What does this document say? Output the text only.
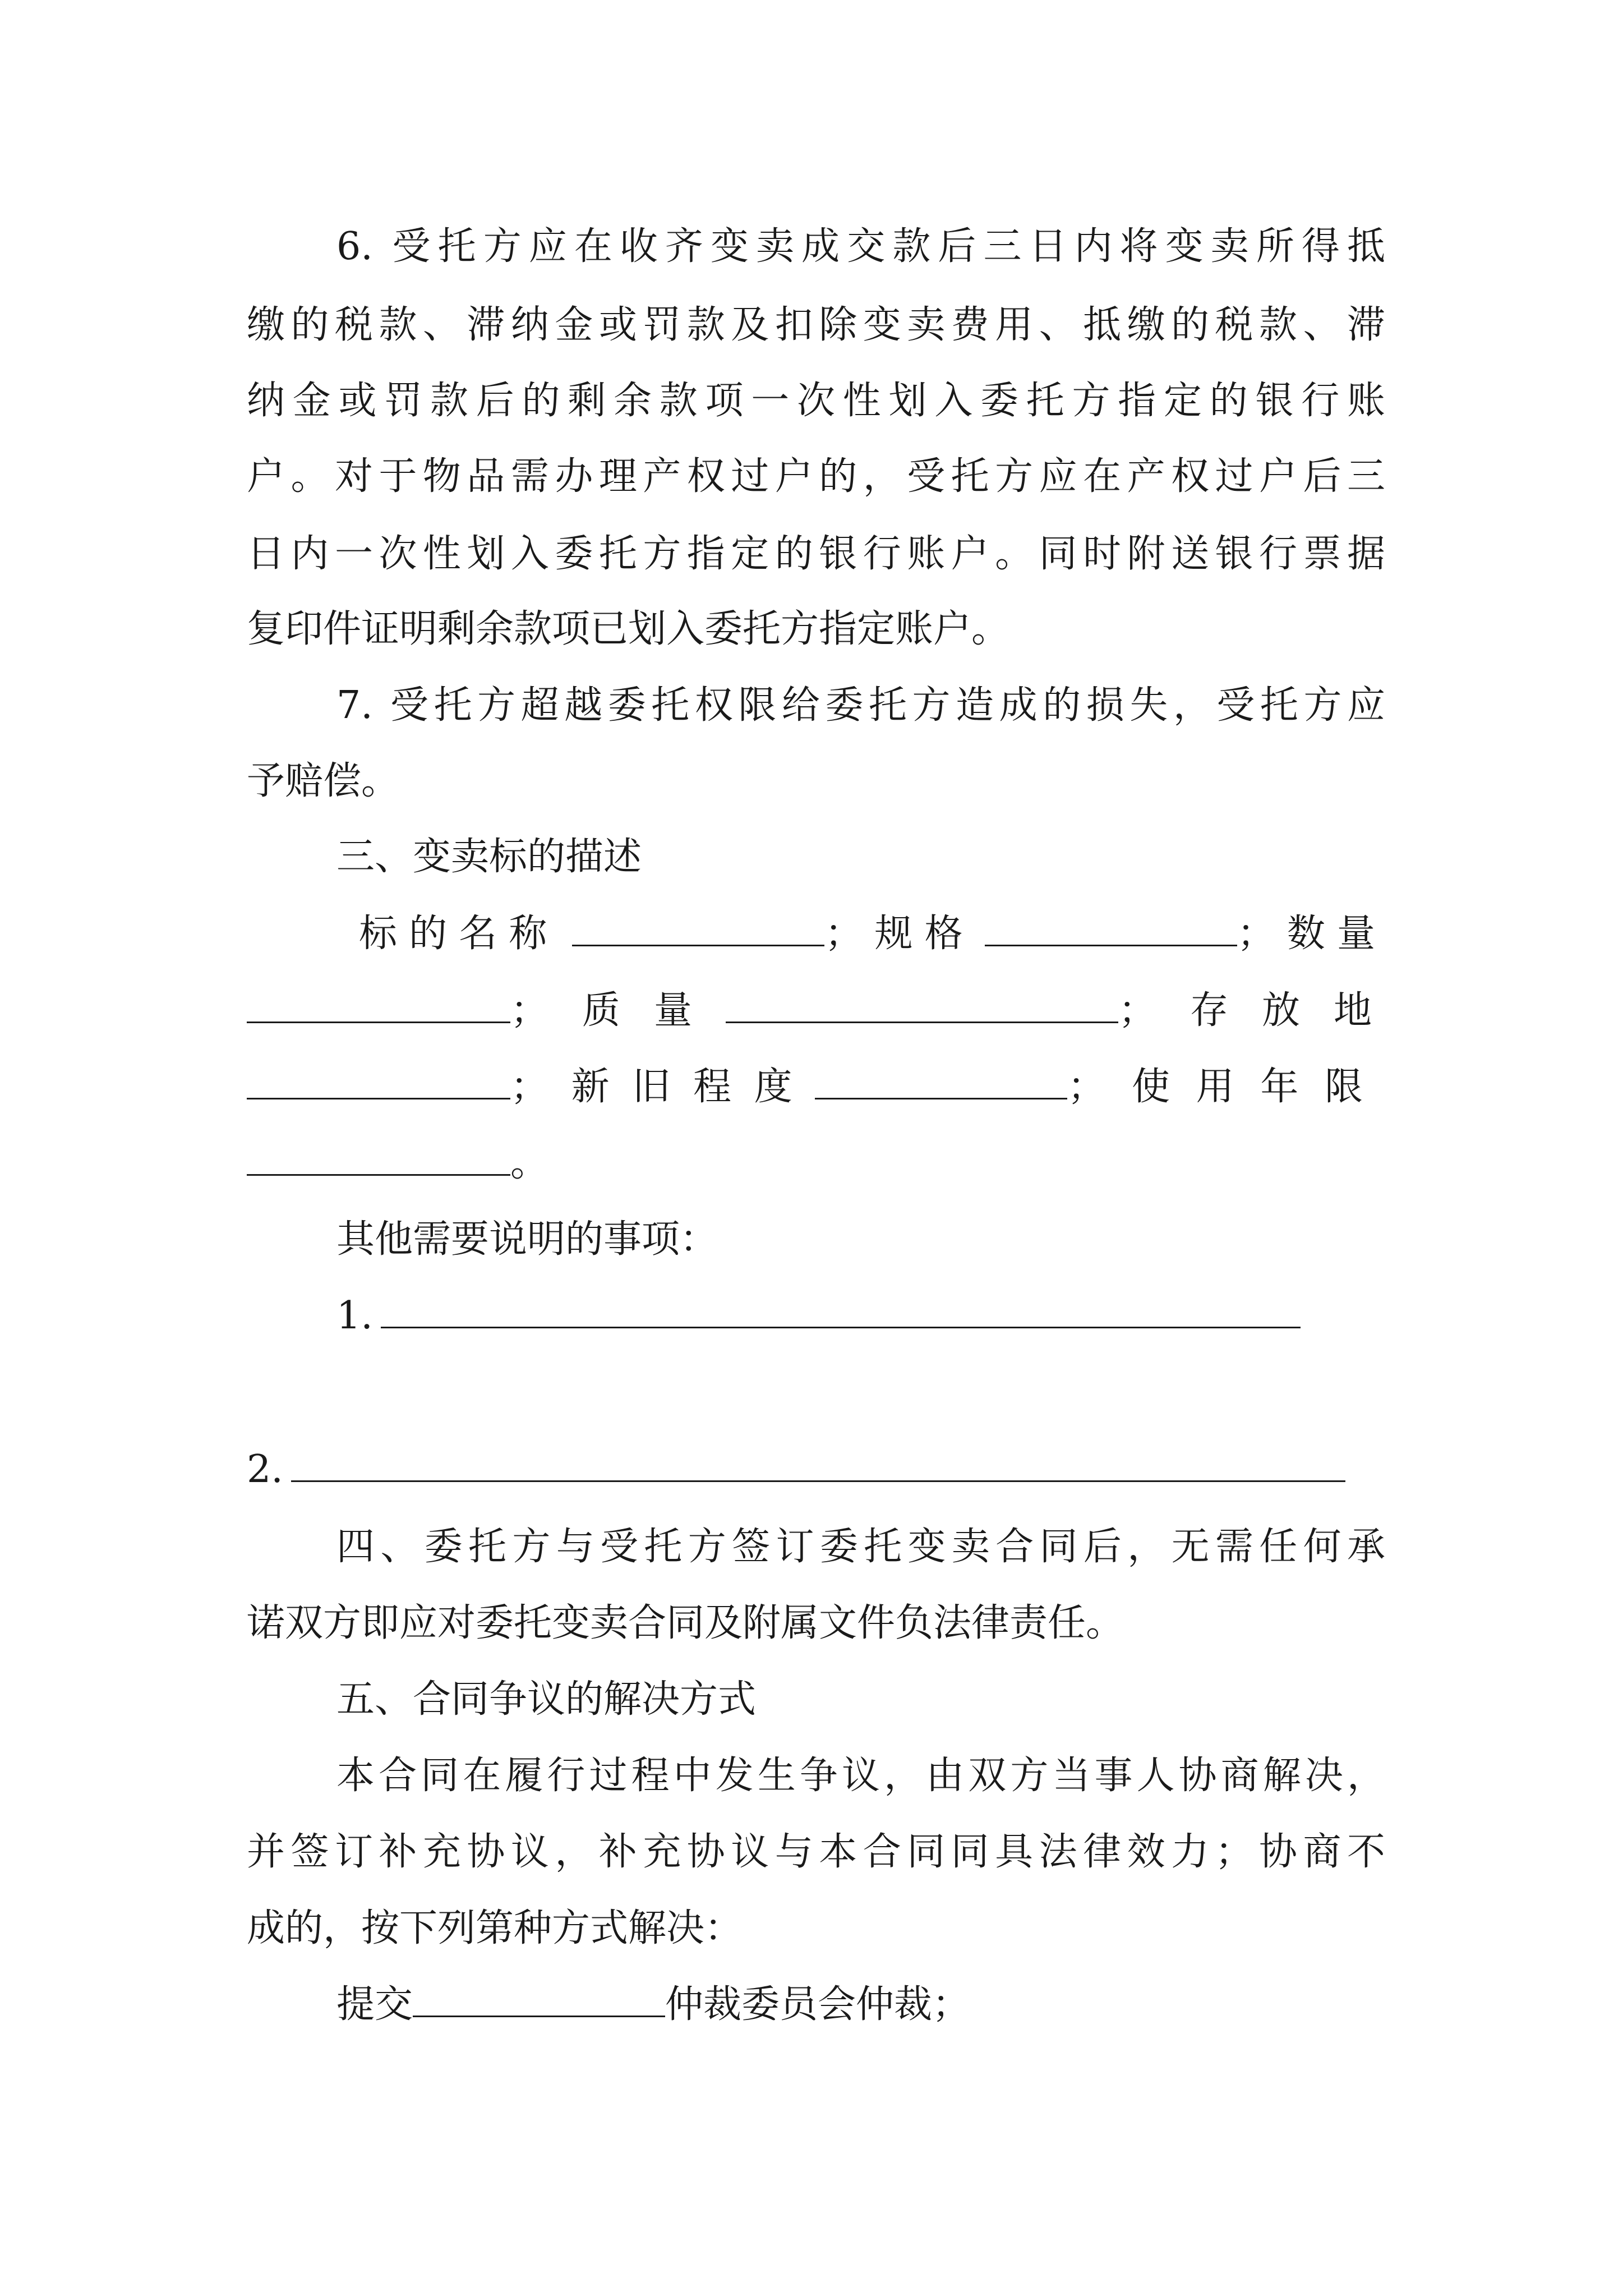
6. 受托方应在收齐变卖成交款后三日内将变卖所得抵
缴的税款、滞纳金或罚款及扣除变卖费用、抵缴的税款、滞
纳金或罚款后的剩余款项一次性划入委托方指定的银行账
户。对于物品需办理产权过户的，受托方应在产权过户后三
日内一次性划入委托方指定的银行账户。同时附送银行票据
复印件证明剩余款项已划入委托方指定账户。
7. 受托方超越委托权限给委托方造成的损失，受托方应
予赔偿。
三、变卖标的描述
标的名称	；规格	；数量
；质量	；存放地
；新旧程度	；使用年限
。
其他需要说明的事项：
1.
2.
四、委托方与受托方签订委托变卖合同后，无需任何承
诺双方即应对委托变卖合同及附属文件负法律责任。
五、合同争议的解决方式
本合同在履行过程中发生争议，由双方当事人协商解决，
并签订补充协议，补充协议与本合同同具法律效力；协商不
成的，按下列第种方式解决：
提交	仲裁委员会仲裁；
